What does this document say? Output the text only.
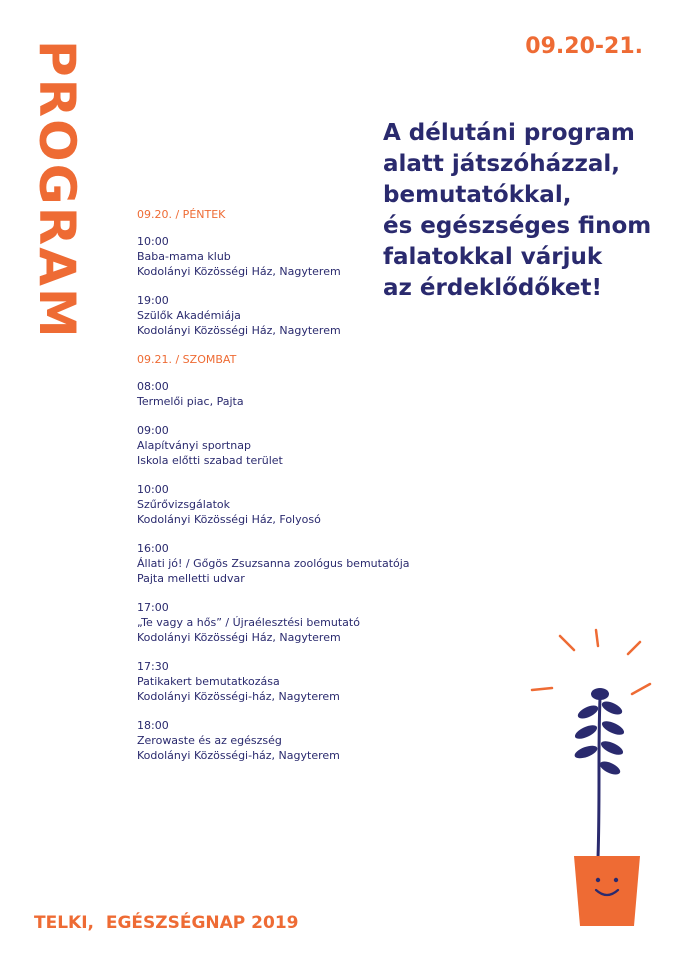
PROGRAM	09.20-21.
A délutáni program
alatt játszóházzal,
bemutatókkal,
és egészséges finom
falatokkal várjuk
az érdeklődőket!
09.20. / PÉNTEK
10:00
Baba-mama klub
Kodolányi Közösségi Ház, Nagyterem
19:00
Szülők Akadémiája
Kodolányi Közösségi Ház, Nagyterem
09.21. / SZOMBAT
08:00
Termelői piac, Pajta
09:00
Alapítványi sportnap
Iskola előtti szabad terület
10:00
Szűrővizsgálatok
Kodolányi Közösségi Ház, Folyosó
16:00
Állati jó! / Gőgös Zsuzsanna zoológus bemutatója
Pajta melletti udvar
17:00
„Te vagy a hős” / Újraélesztési bemutató
Kodolányi Közösségi Ház, Nagyterem
17:30
Patikakert bemutatkozása
Kodolányi Közösségi-ház, Nagyterem
18:00
Zerowaste és az egészség
Kodolányi Közösségi-ház, Nagyterem
TELKI,  EGÉSZSÉGNAP 2019
